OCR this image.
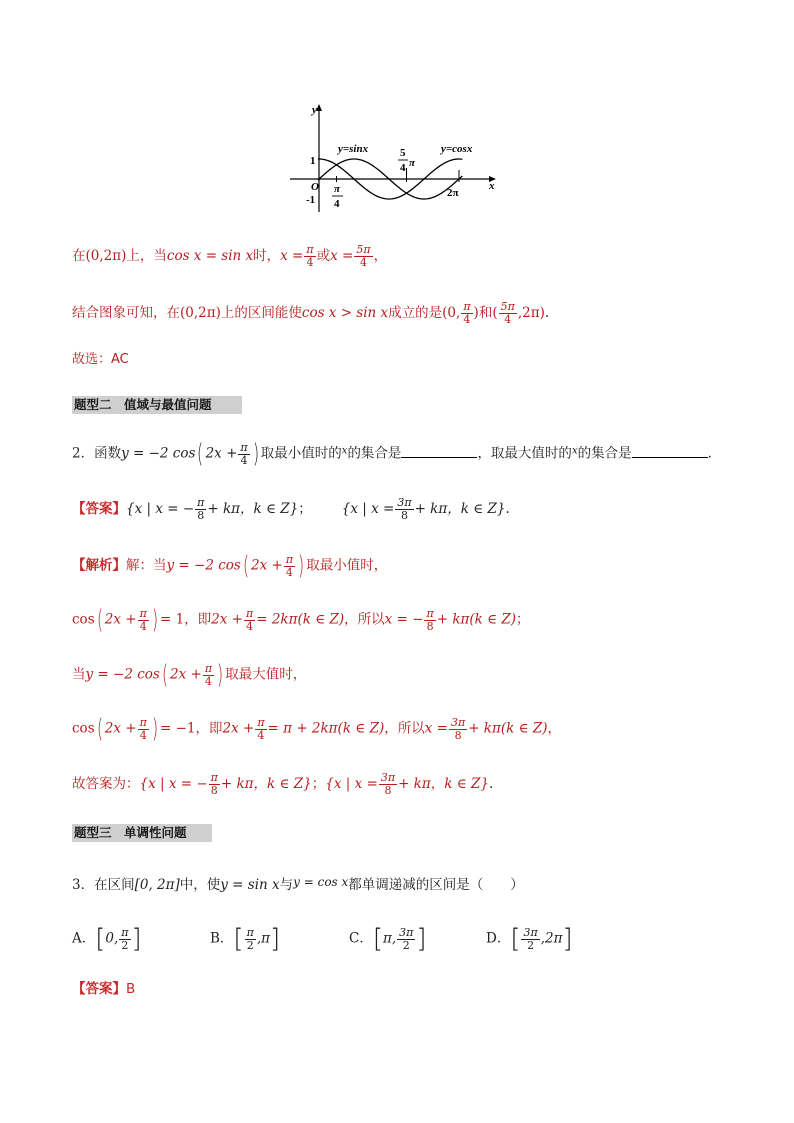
y
x
O
1
-1
y=sinx	y=cosx
π
4
5
4 π
2π
在(0,2π)上，当cos x = sin x时，$x = \frac{\pi}{4}$ 或$x = \frac{5\pi}{4}$ ，
结合图象可知，在(0,2π)上的区间能使cos x > sin x成立的是(0, $\frac{\pi}{4}$ )和( $\frac{5\pi}{4} ,2\pi$).
故选：AC
题型二　值域与最值问题
2．函数y = −2 cos( $2x + \frac{\pi}{4}$ ) 取最小值时的$^x$的集合是	，取最大值时的$^x$的集合是	.
【答案】{x | x = − $\frac{\pi}{8} + k\pi$，k ∈ Z}； {x | $x = \frac{3\pi}{8} + k\pi$，k ∈ Z}.
【解析】解：当y = −2 cos( $2x + \frac{\pi}{4}$ ) 取最小值时，
cos( $2x + \frac{\pi}{4}$ ) = 1，即$2x + \frac{\pi}{4} = 2k\pi(k$ ∈ Z)，所以x = − $\frac{\pi}{8} + k\pi(k$ ∈ Z)；
当y = −2 cos( $2x + \frac{\pi}{4}$ ) 取最大值时，
cos( $2x + \frac{\pi}{4}$ ) = −1，即$2x + \frac{\pi}{4} = \pi + 2k\pi(k$ ∈ Z)，所以$x = \frac{3\pi}{8} + k\pi(k$ ∈ Z)，
故答案为：{x | x = − $\frac{\pi}{8} + k\pi$，k ∈ Z}；{x | $x = \frac{3\pi}{8} + k\pi$，k ∈ Z}.
题型三　单调性问题
3．在区间[0, 2π]中，使y = sin x与y = cos x都单调递减的区间是（　　）
A．[0, $\frac{\pi}{2}$ ]	B．[ $\frac{\pi}{2} ,\pi$]	C．[π, $\frac{3\pi}{2}$ ]	D．[ $\frac{3\pi}{2} ,2\pi$]
【答案】B
